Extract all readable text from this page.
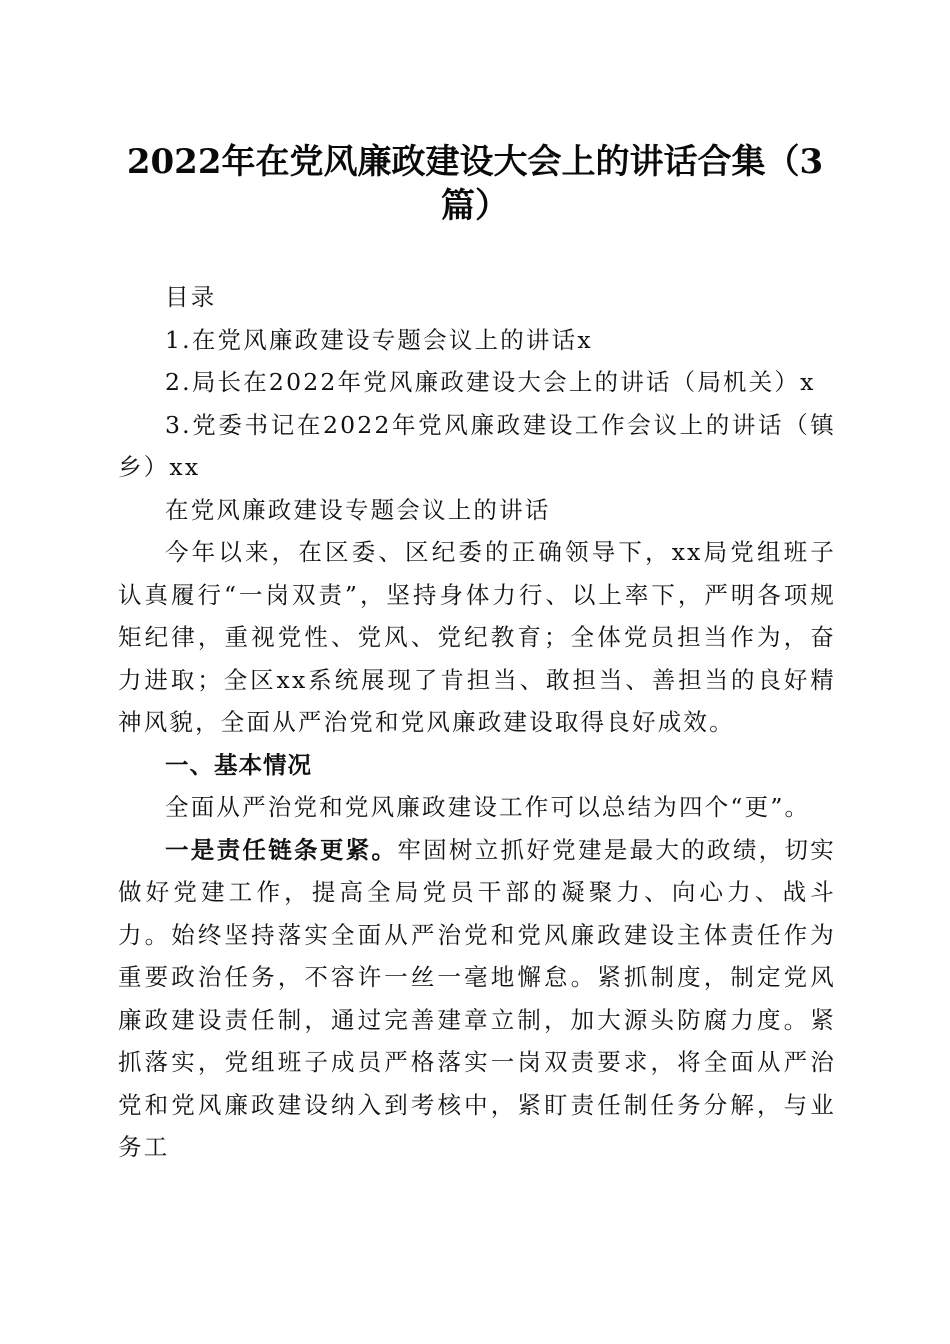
2022年在党风廉政建设大会上的讲话合集（3篇）

目录

1.在党风廉政建设专题会议上的讲话x

2.局长在2022年党风廉政建设大会上的讲话（局机关）x

3.党委书记在2022年党风廉政建设工作会议上的讲话（镇乡）xx

在党风廉政建设专题会议上的讲话

今年以来，在区委、区纪委的正确领导下，xx局党组班子认真履行“一岗双责”，坚持身体力行、以上率下，严明各项规矩纪律，重视党性、党风、党纪教育；全体党员担当作为，奋力进取；全区xx系统展现了肯担当、敢担当、善担当的良好精神风貌，全面从严治党和党风廉政建设取得良好成效。

一、基本情况

全面从严治党和党风廉政建设工作可以总结为四个“更”。

一是责任链条更紧。牢固树立抓好党建是最大的政绩，切实做好党建工作，提高全局党员干部的凝聚力、向心力、战斗力。始终坚持落实全面从严治党和党风廉政建设主体责任作为重要政治任务，不容许一丝一毫地懈怠。紧抓制度，制定党风廉政建设责任制，通过完善建章立制，加大源头防腐力度。紧抓落实，党组班子成员严格落实一岗双责要求，将全面从严治党和党风廉政建设纳入到考核中，紧盯责任制任务分解，与业务工
